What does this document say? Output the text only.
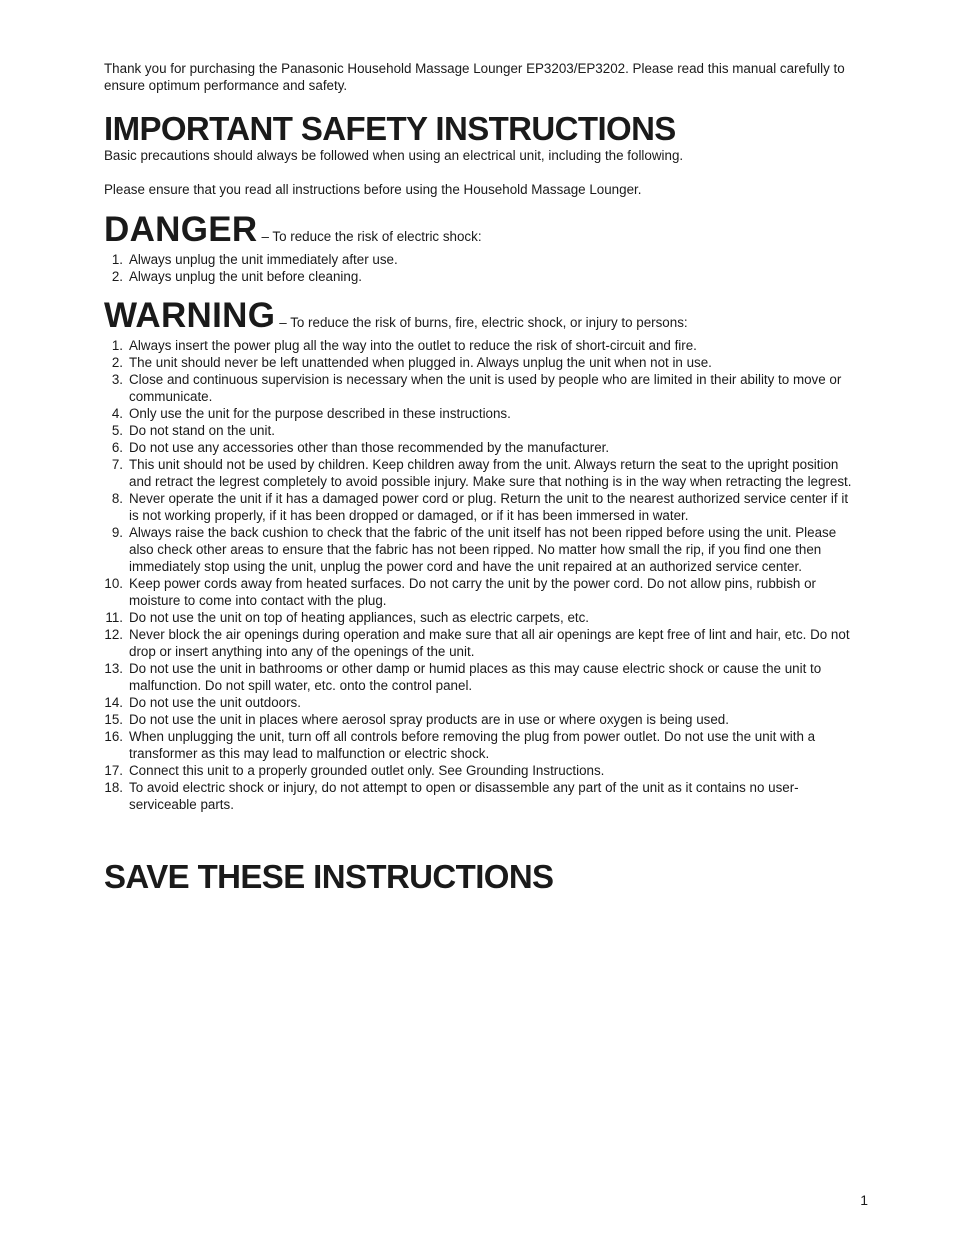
Thank you for purchasing the Panasonic Household Massage Lounger EP3203/EP3202. Please read this manual carefully to ensure optimum performance and safety.

IMPORTANT SAFETY INSTRUCTIONS

Basic precautions should always be followed when using an electrical unit, including the following.

Please ensure that you read all instructions before using the Household Massage Lounger.

DANGER – To reduce the risk of electric shock:
1. Always unplug the unit immediately after use.
2. Always unplug the unit before cleaning.
WARNING – To reduce the risk of burns, fire, electric shock, or injury to persons:
1. Always insert the power plug all the way into the outlet to reduce the risk of short-circuit and fire.
2. The unit should never be left unattended when plugged in. Always unplug the unit when not in use.
3. Close and continuous supervision is necessary when the unit is used by people who are limited in their ability to move or communicate.
4. Only use the unit for the purpose described in these instructions.
5. Do not stand on the unit.
6. Do not use any accessories other than those recommended by the manufacturer.
7. This unit should not be used by children. Keep children away from the unit. Always return the seat to the upright position and retract the legrest completely to avoid possible injury. Make sure that nothing is in the way when retracting the legrest.
8. Never operate the unit if it has a damaged power cord or plug. Return the unit to the nearest authorized service center if it is not working properly, if it has been dropped or damaged, or if it has been immersed in water.
9. Always raise the back cushion to check that the fabric of the unit itself has not been ripped before using the unit. Please also check other areas to ensure that the fabric has not been ripped. No matter how small the rip, if you find one then immediately stop using the unit, unplug the power cord and have the unit repaired at an authorized service center.
10. Keep power cords away from heated surfaces. Do not carry the unit by the power cord. Do not allow pins, rubbish or moisture to come into contact with the plug.
11. Do not use the unit on top of heating appliances, such as electric carpets, etc.
12. Never block the air openings during operation and make sure that all air openings are kept free of lint and hair, etc. Do not drop or insert anything into any of the openings of the unit.
13. Do not use the unit in bathrooms or other damp or humid places as this may cause electric shock or cause the unit to malfunction. Do not spill water, etc. onto the control panel.
14. Do not use the unit outdoors.
15. Do not use the unit in places where aerosol spray products are in use or where oxygen is being used.
16. When unplugging the unit, turn off all controls before removing the plug from power outlet. Do not use the unit with a transformer as this may lead to malfunction or electric shock.
17. Connect this unit to a properly grounded outlet only. See Grounding Instructions.
18. To avoid electric shock or injury, do not attempt to open or disassemble any part of the unit as it contains no user-serviceable parts.
SAVE THESE INSTRUCTIONS
1
